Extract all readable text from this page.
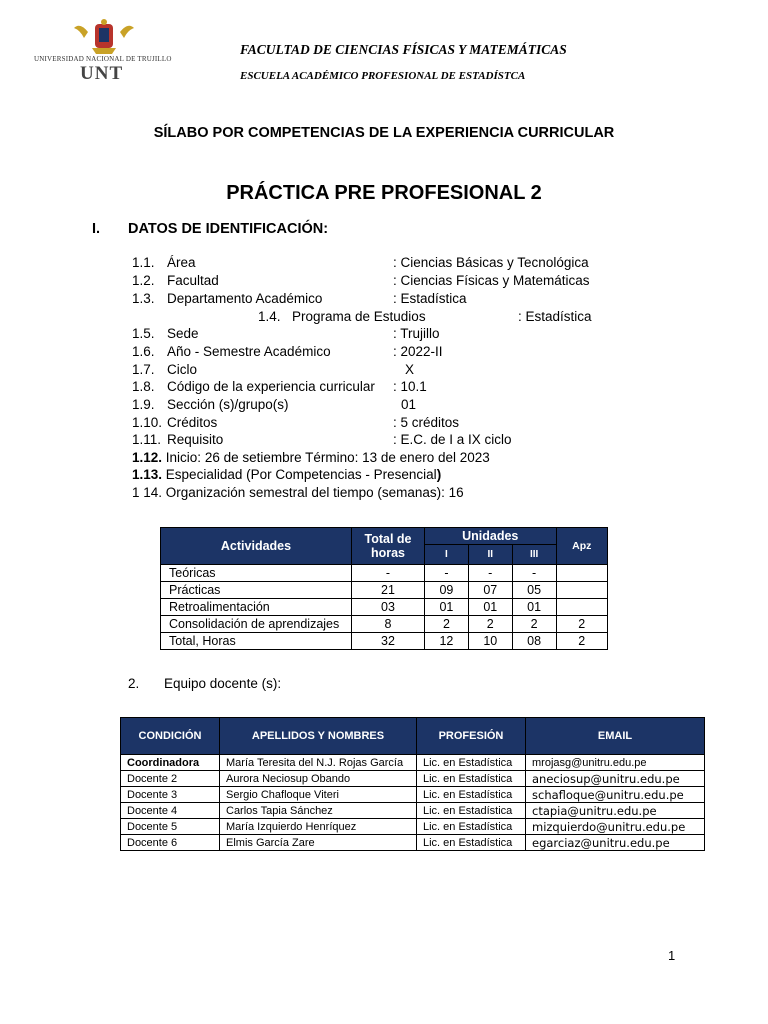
UNIVERSIDAD NACIONAL DE TRUJILLO
UNT
FACULTAD DE CIENCIAS FÍSICAS Y MATEMÁTICAS
ESCUELA ACADÉMICO PROFESIONAL DE ESTADÍSTCA
SÍLABO POR COMPETENCIAS DE LA EXPERIENCIA CURRICULAR
PRÁCTICA PRE PROFESIONAL 2
I. DATOS DE IDENTIFICACIÓN:
1.1. Área	: Ciencias Básicas y Tecnológica
1.2. Facultad	: Ciencias Físicas y Matemáticas
1.3. Departamento Académico	: Estadística
1.4. Programa de Estudios	: Estadística
1.5. Sede	: Trujillo
1.6. Año - Semestre Académico	: 2022-II
1.7. Ciclo	X
1.8. Código de la experiencia curricular : 10.1
1.9. Sección (s)/grupo(s)	01
1.10. Créditos	: 5 créditos
1.11. Requisito	: E.C. de I a IX ciclo
1.12. Inicio: 26 de setiembre Término: 13 de enero del 2023
1.13. Especialidad (Por Competencias - Presencial)
1 14. Organización semestral del tiempo (semanas): 16
Actividades	Total de horas	Unidades			Apz
		I	II	III	
Teóricas	-	-	-	-	
Prácticas	21	09	07	05	
Retroalimentación	03	01	01	01	
Consolidación de aprendizajes	8	2	2	2	2
Total, Horas	32	12	10	08	2
2. Equipo docente (s):
CONDICIÓN	APELLIDOS Y NOMBRES	PROFESIÓN	EMAIL
Coordinadora	María Teresita del N.J. Rojas García	Lic. en Estadística	mrojasg@unitru.edu.pe
Docente 2	Aurora Neciosup Obando	Lic. en Estadística	aneciosup@unitru.edu.pe
Docente 3	Sergio Chafloque Viteri	Lic. en Estadística	schafloque@unitru.edu.pe
Docente 4	Carlos Tapia Sánchez	Lic. en Estadística	ctapia@unitru.edu.pe
Docente 5	María Izquierdo Henríquez	Lic. en Estadística	mizquierdo@unitru.edu.pe
Docente 6	Elmis García Zare	Lic. en Estadística	egarciaz@unitru.edu.pe
1
